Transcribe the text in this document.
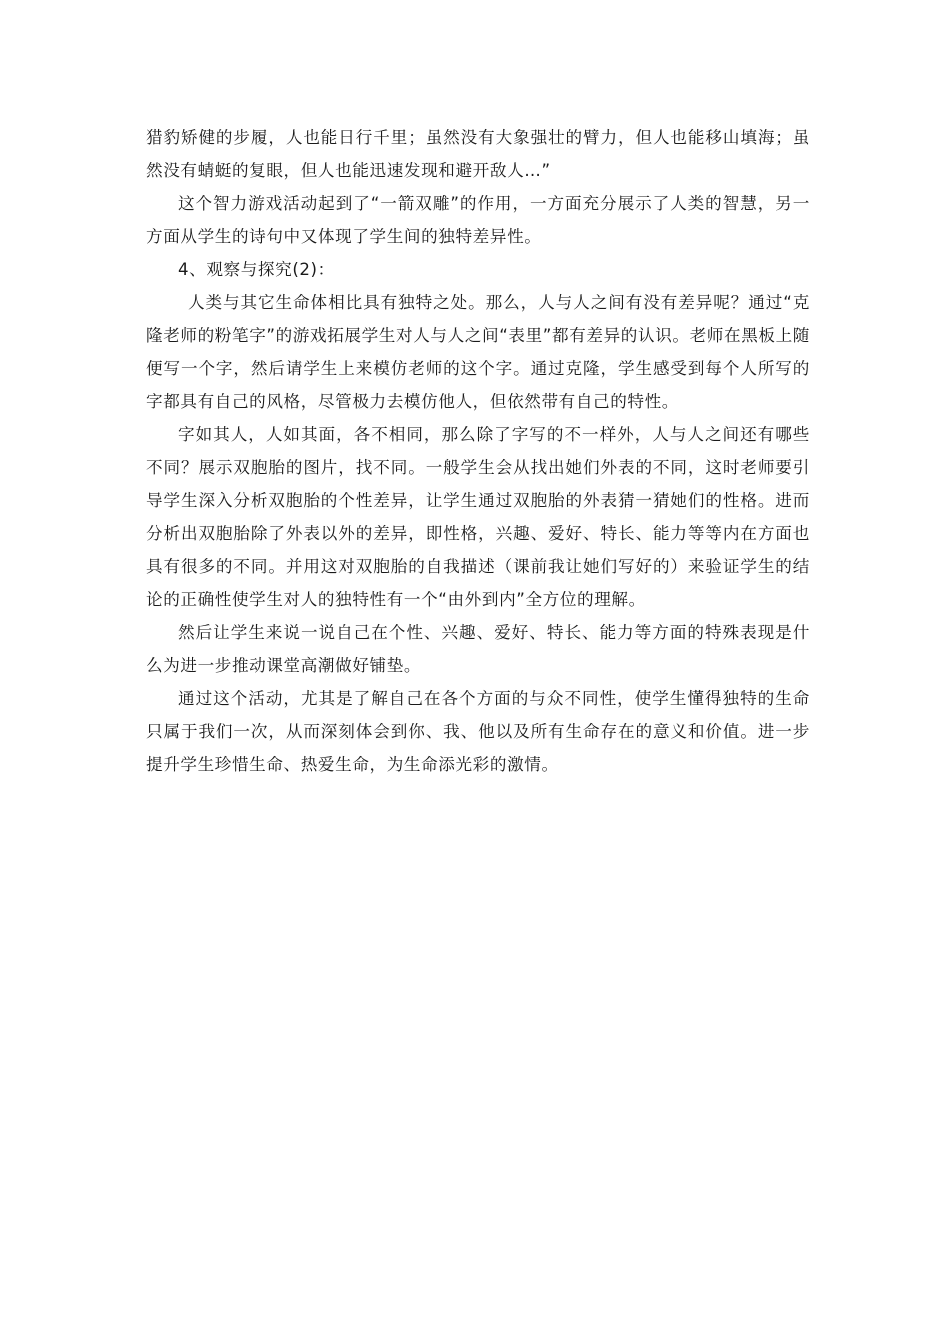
猎豹矫健的步履，人也能日行千里；虽然没有大象强壮的臂力，但人也能移山填海；虽然没有蜻蜓的复眼，但人也能迅速发现和避开敌人…”

这个智力游戏活动起到了“一箭双雕”的作用，一方面充分展示了人类的智慧，另一方面从学生的诗句中又体现了学生间的独特差异性。

4、观察与探究(2)：

人类与其它生命体相比具有独特之处。那么，人与人之间有没有差异呢？通过“克隆老师的粉笔字”的游戏拓展学生对人与人之间“表里”都有差异的认识。老师在黑板上随便写一个字，然后请学生上来模仿老师的这个字。通过克隆，学生感受到每个人所写的字都具有自己的风格，尽管极力去模仿他人，但依然带有自己的特性。

字如其人，人如其面，各不相同，那么除了字写的不一样外，人与人之间还有哪些不同？展示双胞胎的图片，找不同。一般学生会从找出她们外表的不同，这时老师要引导学生深入分析双胞胎的个性差异，让学生通过双胞胎的外表猜一猜她们的性格。进而分析出双胞胎除了外表以外的差异，即性格，兴趣、爱好、特长、能力等等内在方面也具有很多的不同。并用这对双胞胎的自我描述（课前我让她们写好的）来验证学生的结论的正确性使学生对人的独特性有一个“由外到内”全方位的理解。

然后让学生来说一说自己在个性、兴趣、爱好、特长、能力等方面的特殊表现是什么为进一步推动课堂高潮做好铺垫。

通过这个活动，尤其是了解自己在各个方面的与众不同性，使学生懂得独特的生命只属于我们一次，从而深刻体会到你、我、他以及所有生命存在的意义和价值。进一步提升学生珍惜生命、热爱生命，为生命添光彩的激情。
